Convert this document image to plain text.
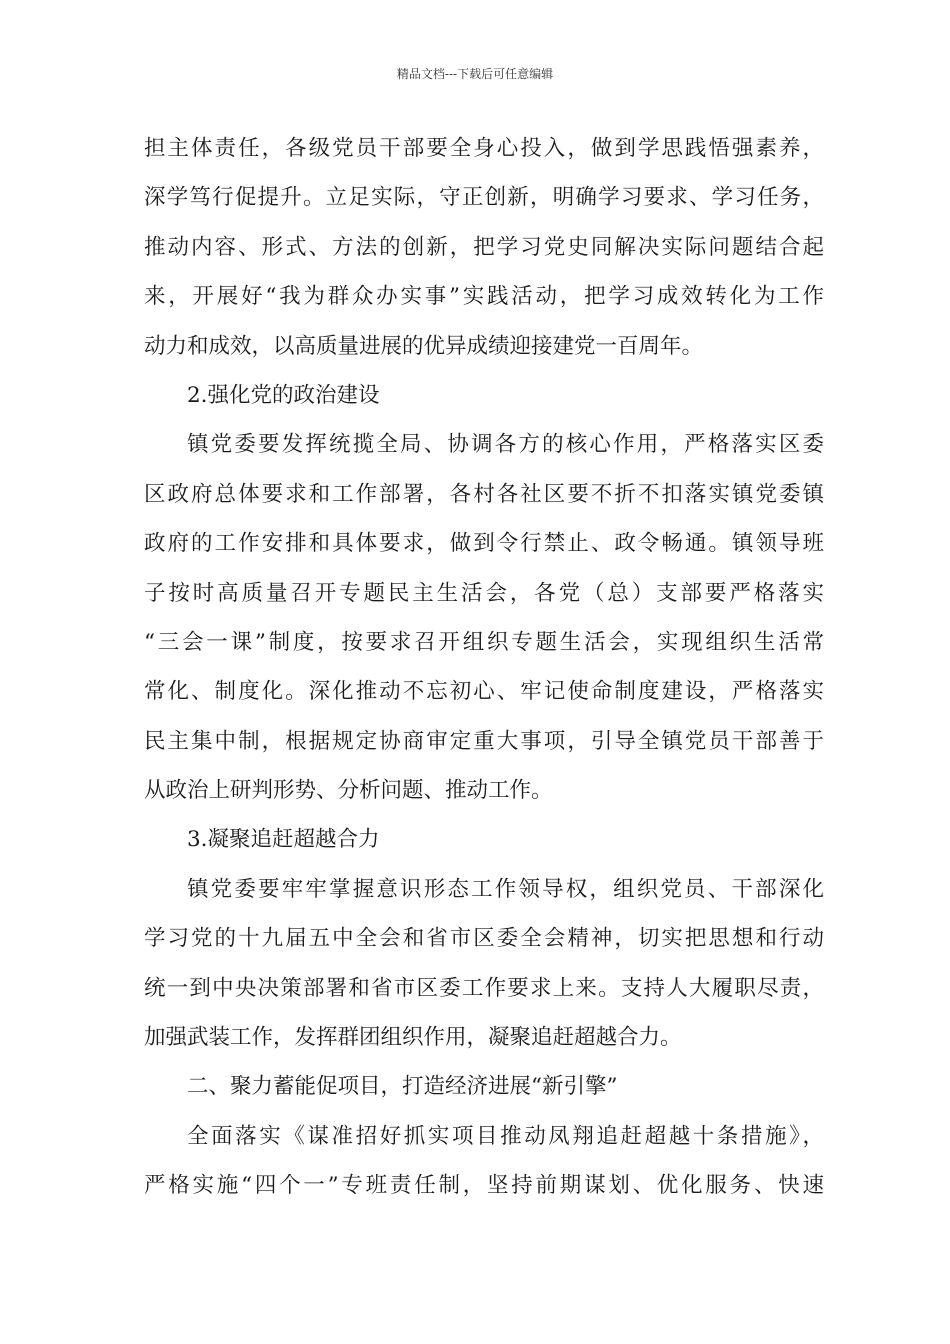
精品文档---下载后可任意编辑
担主体责任，各级党员干部要全身心投入，做到学思践悟强素养，
深学笃行促提升。立足实际，守正创新，明确学习要求、学习任务，
推动内容、形式、方法的创新，把学习党史同解决实际问题结合起
来，开展好“我为群众办实事”实践活动，把学习成效转化为工作
动力和成效，以高质量进展的优异成绩迎接建党一百周年。
2.强化党的政治建设
镇党委要发挥统揽全局、协调各方的核心作用，严格落实区委
区政府总体要求和工作部署，各村各社区要不折不扣落实镇党委镇
政府的工作安排和具体要求，做到令行禁止、政令畅通。镇领导班
子按时高质量召开专题民主生活会，各党（总）支部要严格落实
“三会一课”制度，按要求召开组织专题生活会，实现组织生活常
常化、制度化。深化推动不忘初心、牢记使命制度建设，严格落实
民主集中制，根据规定协商审定重大事项，引导全镇党员干部善于
从政治上研判形势、分析问题、推动工作。
3.凝聚追赶超越合力
镇党委要牢牢掌握意识形态工作领导权，组织党员、干部深化
学习党的十九届五中全会和省市区委全会精神，切实把思想和行动
统一到中央决策部署和省市区委工作要求上来。支持人大履职尽责，
加强武装工作，发挥群团组织作用，凝聚追赶超越合力。
二、聚力蓄能促项目，打造经济进展“新引擎”
全面落实《谋准招好抓实项目推动凤翔追赶超越十条措施》，
严格实施“四个一”专班责任制，坚持前期谋划、优化服务、快速
